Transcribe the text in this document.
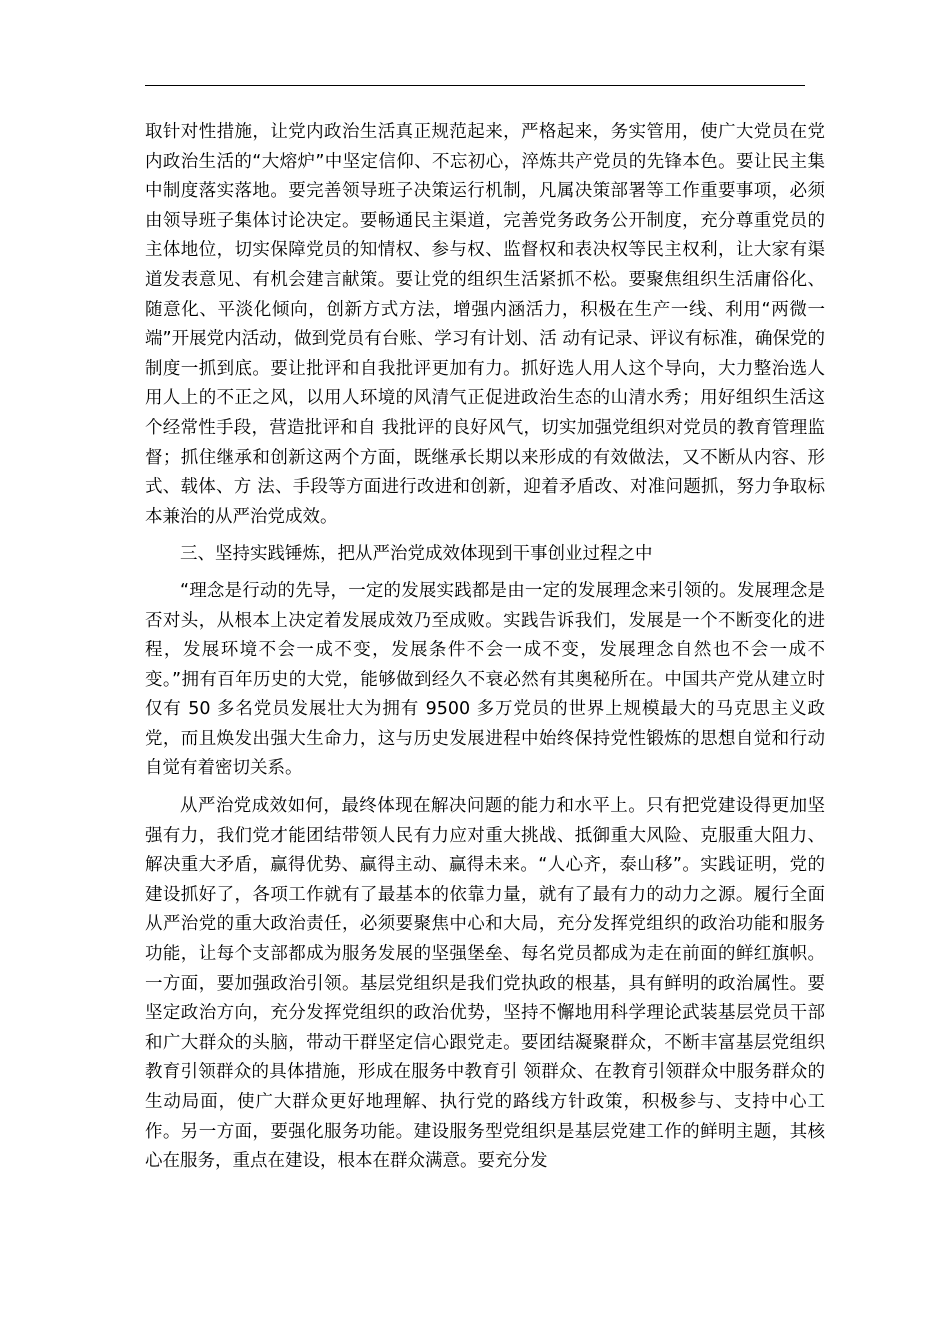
取针对性措施，让党内政治生活真正规范起来，严格起来，务实管用，使广大党员在党内政治生活的“大熔炉”中坚定信仰、不忘初心，淬炼共产党员的先锋本色。要让民主集中制度落实落地。要完善领导班子决策运行机制，凡属决策部署等工作重要事项，必须由领导班子集体讨论决定。要畅通民主渠道，完善党务政务公开制度，充分尊重党员的主体地位，切实保障党员的知情权、参与权、监督权和表决权等民主权利，让大家有渠道发表意见、有机会建言献策。要让党的组织生活紧抓不松。要聚焦组织生活庸俗化、随意化、平淡化倾向，创新方式方法，增强内涵活力，积极在生产一线、利用“两微一端”开展党内活动，做到党员有台账、学习有计划、活 动有记录、评议有标准，确保党的制度一抓到底。要让批评和自我批评更加有力。抓好选人用人这个导向，大力整治选人用人上的不正之风，以用人环境的风清气正促进政治生态的山清水秀；用好组织生活这个经常性手段，营造批评和自 我批评的良好风气，切实加强党组织对党员的教育管理监督；抓住继承和创新这两个方面，既继承长期以来形成的有效做法，又不断从内容、形式、载体、方 法、手段等方面进行改进和创新，迎着矛盾改、对准问题抓，努力争取标本兼治的从严治党成效。

三、坚持实践锤炼，把从严治党成效体现到干事创业过程之中

“理念是行动的先导，一定的发展实践都是由一定的发展理念来引领的。发展理念是否对头，从根本上决定着发展成效乃至成败。实践告诉我们，发展是一个不断变化的进程，发展环境不会一成不变，发展条件不会一成不变，发展理念自然也不会一成不变。”拥有百年历史的大党，能够做到经久不衰必然有其奥秘所在。中国共产党从建立时仅有 50 多名党员发展壮大为拥有 9500 多万党员的世界上规模最大的马克思主义政党，而且焕发出强大生命力，这与历史发展进程中始终保持党性锻炼的思想自觉和行动自觉有着密切关系。

从严治党成效如何，最终体现在解决问题的能力和水平上。只有把党建设得更加坚强有力，我们党才能团结带领人民有力应对重大挑战、抵御重大风险、克服重大阻力、解决重大矛盾，赢得优势、赢得主动、赢得未来。“人心齐，泰山移”。实践证明，党的建设抓好了，各项工作就有了最基本的依靠力量，就有了最有力的动力之源。履行全面从严治党的重大政治责任，必须要聚焦中心和大局，充分发挥党组织的政治功能和服务功能，让每个支部都成为服务发展的坚强堡垒、每名党员都成为走在前面的鲜红旗帜。一方面，要加强政治引领。基层党组织是我们党执政的根基，具有鲜明的政治属性。要坚定政治方向，充分发挥党组织的政治优势，坚持不懈地用科学理论武装基层党员干部和广大群众的头脑，带动干群坚定信心跟党走。要团结凝聚群众，不断丰富基层党组织教育引领群众的具体措施，形成在服务中教育引 领群众、在教育引领群众中服务群众的生动局面，使广大群众更好地理解、执行党的路线方针政策，积极参与、支持中心工作。另一方面，要强化服务功能。建设服务型党组织是基层党建工作的鲜明主题，其核心在服务，重点在建设，根本在群众满意。要充分发
